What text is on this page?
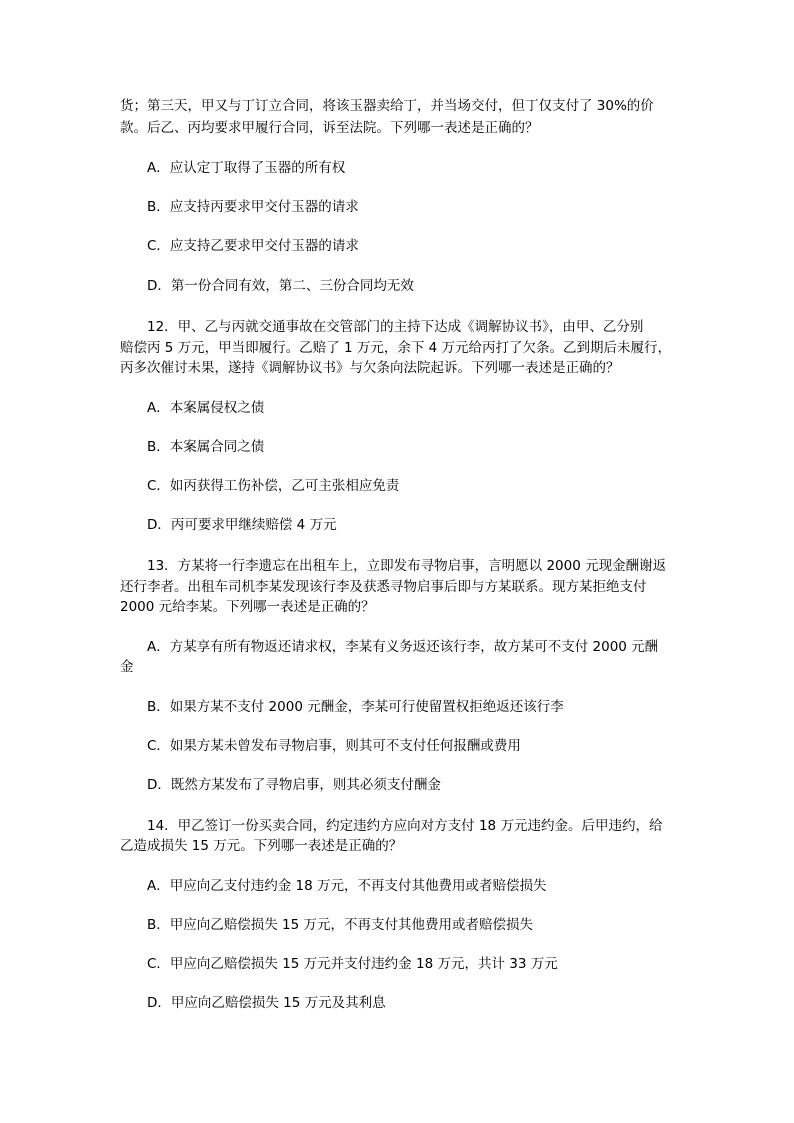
货；第三天，甲又与丁订立合同，将该玉器卖给丁，并当场交付，但丁仅支付了 30%的价
款。后乙、丙均要求甲履行合同，诉至法院。下列哪一表述是正确的？
A．应认定丁取得了玉器的所有权
B．应支持丙要求甲交付玉器的请求
C．应支持乙要求甲交付玉器的请求
D．第一份合同有效，第二、三份合同均无效
12．甲、乙与丙就交通事故在交管部门的主持下达成《调解协议书》，由甲、乙分别
赔偿丙 5 万元，甲当即履行。乙赔了 1 万元，余下 4 万元给丙打了欠条。乙到期后未履行，
丙多次催讨未果，遂持《调解协议书》与欠条向法院起诉。下列哪一表述是正确的？
A．本案属侵权之债
B．本案属合同之债
C．如丙获得工伤补偿，乙可主张相应免责
D．丙可要求甲继续赔偿 4 万元
13．方某将一行李遗忘在出租车上，立即发布寻物启事，言明愿以 2000 元现金酬谢返
还行李者。出租车司机李某发现该行李及获悉寻物启事后即与方某联系。现方某拒绝支付
2000 元给李某。下列哪一表述是正确的？
A．方某享有所有物返还请求权，李某有义务返还该行李，故方某可不支付 2000 元酬
金
B．如果方某不支付 2000 元酬金，李某可行使留置权拒绝返还该行李
C．如果方某未曾发布寻物启事，则其可不支付任何报酬或费用
D．既然方某发布了寻物启事，则其必须支付酬金
14．甲乙签订一份买卖合同，约定违约方应向对方支付 18 万元违约金。后甲违约，给
乙造成损失 15 万元。下列哪一表述是正确的？
A．甲应向乙支付违约金 18 万元，不再支付其他费用或者赔偿损失
B．甲应向乙赔偿损失 15 万元，不再支付其他费用或者赔偿损失
C．甲应向乙赔偿损失 15 万元并支付违约金 18 万元，共计 33 万元
D．甲应向乙赔偿损失 15 万元及其利息
